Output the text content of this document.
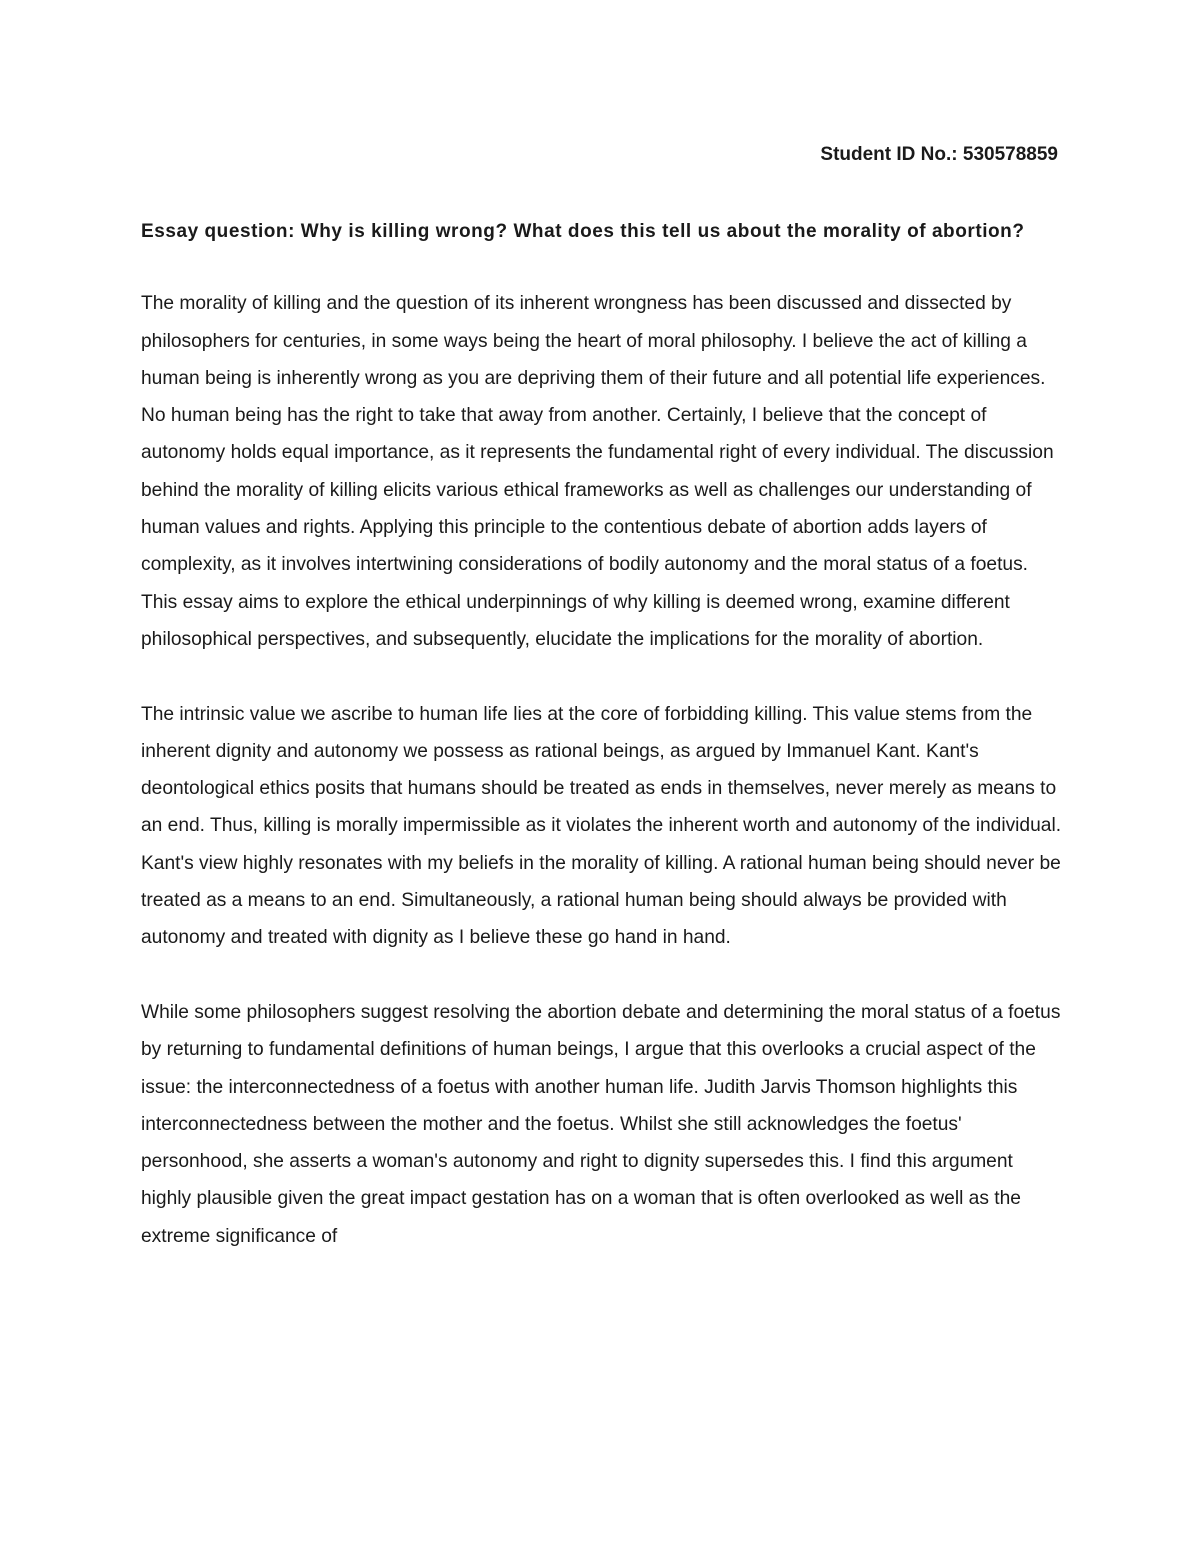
Student ID No.: 530578859

Essay question: Why is killing wrong? What does this tell us about the morality of abortion?

The morality of killing and the question of its inherent wrongness has been discussed and dissected by philosophers for centuries, in some ways being the heart of moral philosophy. I believe the act of killing a human being is inherently wrong as you are depriving them of their future and all potential life experiences. No human being has the right to take that away from another. Certainly, I believe that the concept of autonomy holds equal importance, as it represents the fundamental right of every individual. The discussion behind the morality of killing elicits various ethical frameworks as well as challenges our understanding of human values and rights. Applying this principle to the contentious debate of abortion adds layers of complexity, as it involves intertwining considerations of bodily autonomy and the moral status of a foetus. This essay aims to explore the ethical underpinnings of why killing is deemed wrong, examine different philosophical perspectives, and subsequently, elucidate the implications for the morality of abortion.

The intrinsic value we ascribe to human life lies at the core of forbidding killing. This value stems from the inherent dignity and autonomy we possess as rational beings, as argued by Immanuel Kant. Kant's deontological ethics posits that humans should be treated as ends in themselves, never merely as means to an end. Thus, killing is morally impermissible as it violates the inherent worth and autonomy of the individual. Kant's view highly resonates with my beliefs in the morality of killing. A rational human being should never be treated as a means to an end. Simultaneously, a rational human being should always be provided with autonomy and treated with dignity as I believe these go hand in hand.

While some philosophers suggest resolving the abortion debate and determining the moral status of a foetus by returning to fundamental definitions of human beings, I argue that this overlooks a crucial aspect of the issue: the interconnectedness of a foetus with another human life. Judith Jarvis Thomson highlights this interconnectedness between the mother and the foetus. Whilst she still acknowledges the foetus' personhood, she asserts a woman's autonomy and right to dignity supersedes this. I find this argument highly plausible given the great impact gestation has on a woman that is often overlooked as well as the extreme significance of
